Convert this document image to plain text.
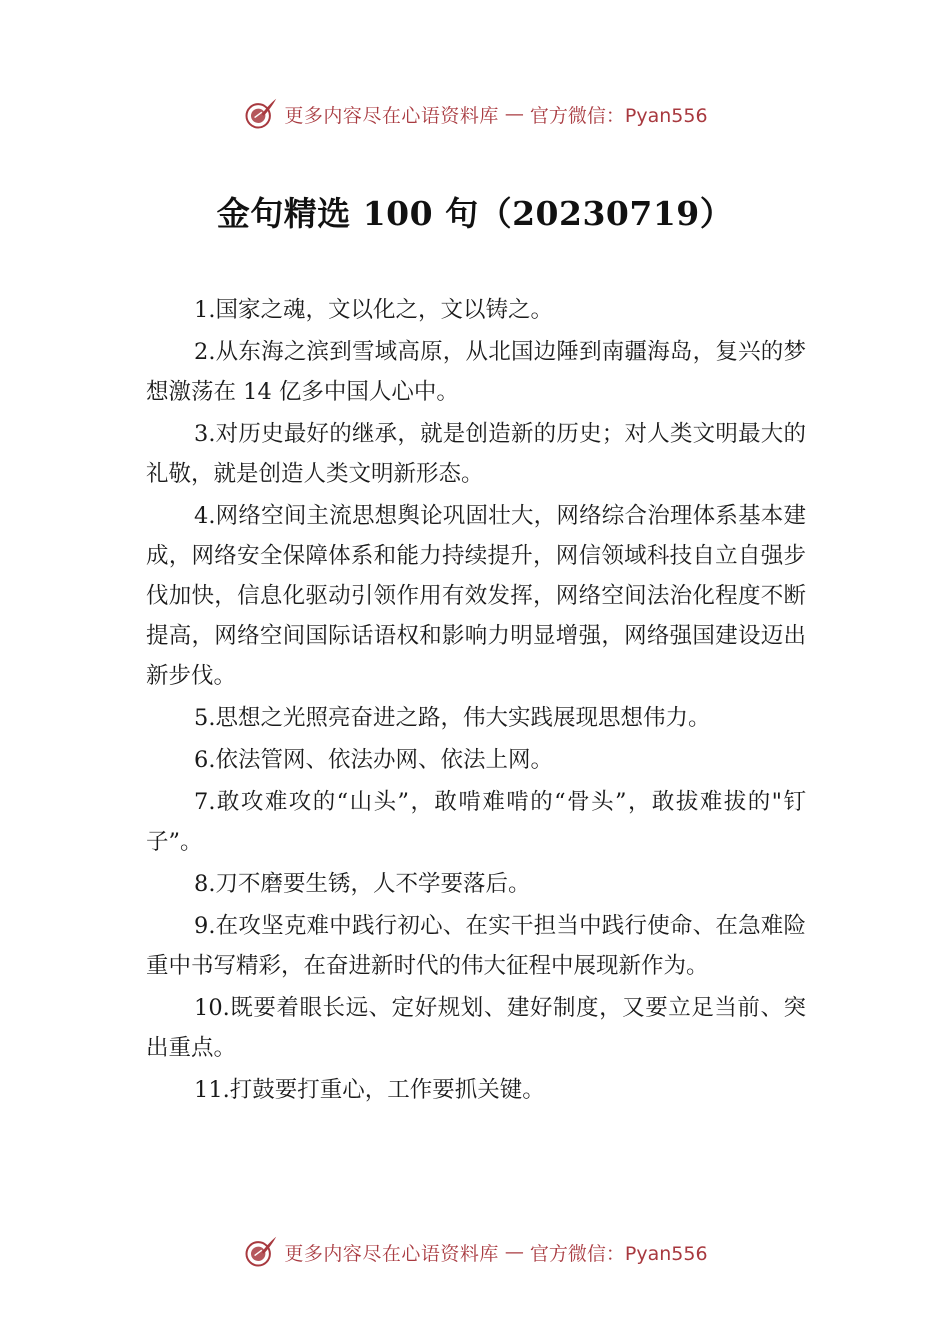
更多内容尽在心语资料库 — 官方微信：Pyan556
金句精选 100 句（20230719）

1.国家之魂，文以化之，文以铸之。

2.从东海之滨到雪域高原，从北国边陲到南疆海岛，复兴的梦想激荡在 14 亿多中国人心中。

3.对历史最好的继承，就是创造新的历史；对人类文明最大的礼敬，就是创造人类文明新形态。

4.网络空间主流思想舆论巩固壮大，网络综合治理体系基本建成，网络安全保障体系和能力持续提升，网信领域科技自立自强步伐加快，信息化驱动引领作用有效发挥，网络空间法治化程度不断提高，网络空间国际话语权和影响力明显增强，网络强国建设迈出新步伐。

5.思想之光照亮奋进之路，伟大实践展现思想伟力。

6.依法管网、依法办网、依法上网。

7.敢攻难攻的“山头”，敢啃难啃的“骨头”，敢拔难拔的"钉子”。

8.刀不磨要生锈，人不学要落后。

9.在攻坚克难中践行初心、在实干担当中践行使命、在急难险重中书写精彩，在奋进新时代的伟大征程中展现新作为。

10.既要着眼长远、定好规划、建好制度，又要立足当前、突出重点。

11.打鼓要打重心，工作要抓关键。

更多内容尽在心语资料库 — 官方微信：Pyan556
